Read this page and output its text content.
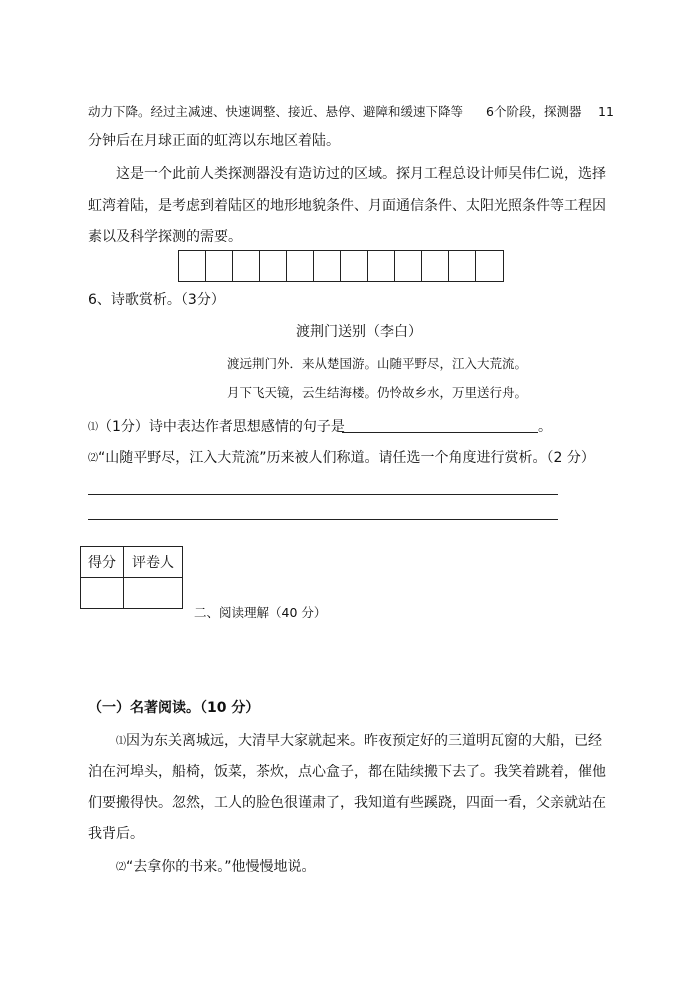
动力下降。经过主减速、快速调整、接近、悬停、避障和缓速下降等 6个阶段，探测器 11
分钟后在月球正面的虹湾以东地区着陆。
这是一个此前人类探测器没有造访过的区域。探月工程总设计师吴伟仁说，选择
虹湾着陆，是考虑到着陆区的地形地貌条件、月面通信条件、太阳光照条件等工程因
素以及科学探测的需要。
6、诗歌赏析。（3分）
渡荆门送别（李白）
渡远荆门外．来从楚国游。山随平野尽，江入大荒流。
月下飞天镜，云生结海楼。仍怜故乡水，万里送行舟。
⑴（1分）诗中表达作者思想感情的句子是	。
⑵“山随平野尽，江入大荒流”历来被人们称道。请任选一个角度进行赏析。（2 分）
得分	评卷人

二、阅读理解（40 分）
（一）名著阅读。（10 分）
⑴因为东关离城远，大清早大家就起来。昨夜预定好的三道明瓦窗的大船，已经
泊在河埠头，船椅，饭菜，茶炊，点心盒子，都在陆续搬下去了。我笑着跳着，催他
们要搬得快。忽然，工人的脸色很谨肃了，我知道有些蹊跷，四面一看，父亲就站在
我背后。
⑵“去拿你的书来。”他慢慢地说。
